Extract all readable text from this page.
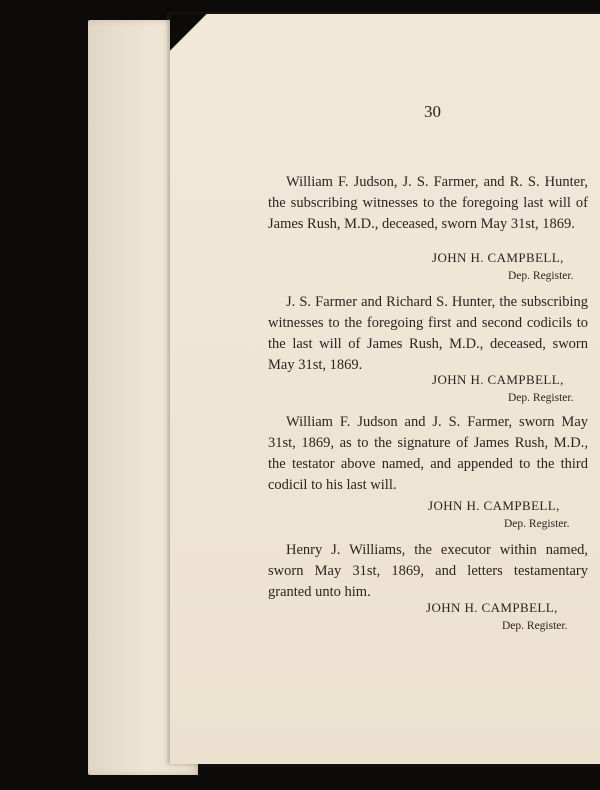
30

William F. Judson, J. S. Farmer, and R. S. Hunter, the subscribing witnesses to the foregoing last will of James Rush, M.D., deceased, sworn May 31st, 1869.

JOHN H. CAMPBELL,
Dep. Register.

J. S. Farmer and Richard S. Hunter, the subscribing witnesses to the foregoing first and second codicils to the last will of James Rush, M.D., deceased, sworn May 31st, 1869.

JOHN H. CAMPBELL,
Dep. Register.

William F. Judson and J. S. Farmer, sworn May 31st, 1869, as to the signature of James Rush, M.D., the testator above named, and appended to the third codicil to his last will.

JOHN H. CAMPBELL,
Dep. Register.

Henry J. Williams, the executor within named, sworn May 31st, 1869, and letters testamentary granted unto him.

JOHN H. CAMPBELL,
Dep. Register.
